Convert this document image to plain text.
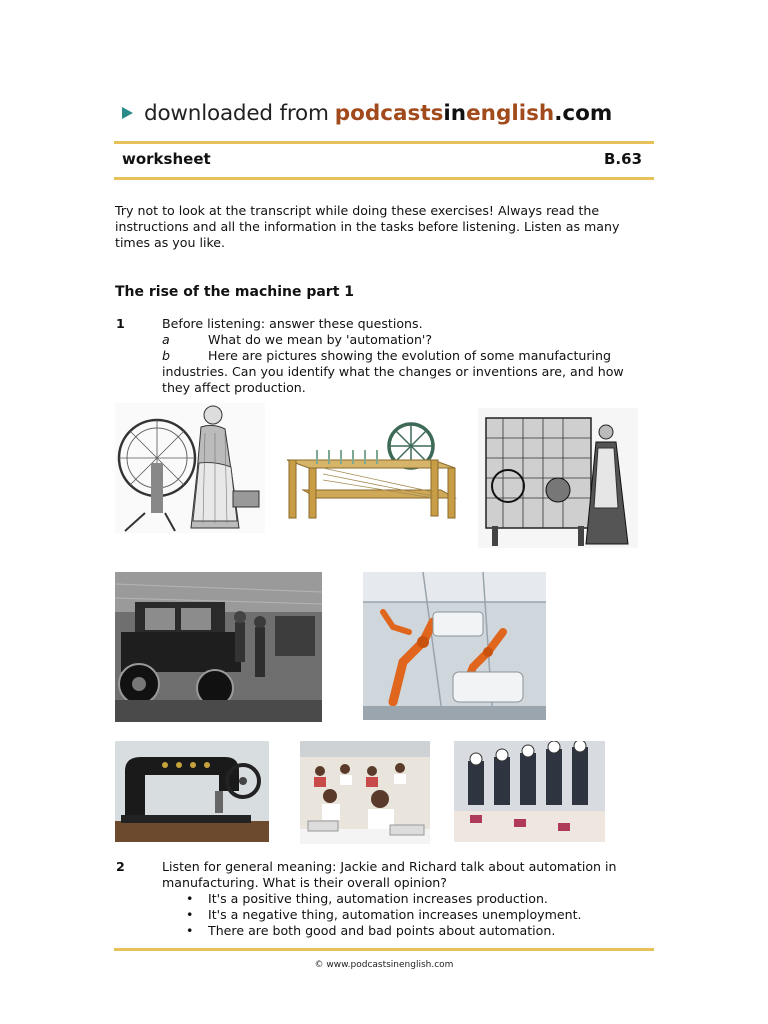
downloaded from podcasts in english .com
worksheet	B.63
Try not to look at the transcript while doing these exercises! Always read the instructions and all the information in the tasks before listening. Listen as many times as you like.
The rise of the machine part 1
1	Before listening: answer these questions.
a	What do we mean by 'automation'?
b	Here are pictures showing the evolution of some manufacturing industries. Can you identify what the changes or inventions are, and how they affect production.
2	Listen for general meaning: Jackie and Richard talk about automation in manufacturing. What is their overall opinion?
• It's a positive thing, automation increases production.
• It's a negative thing, automation increases unemployment.
• There are both good and bad points about automation.
© www.podcastsinenglish.com
